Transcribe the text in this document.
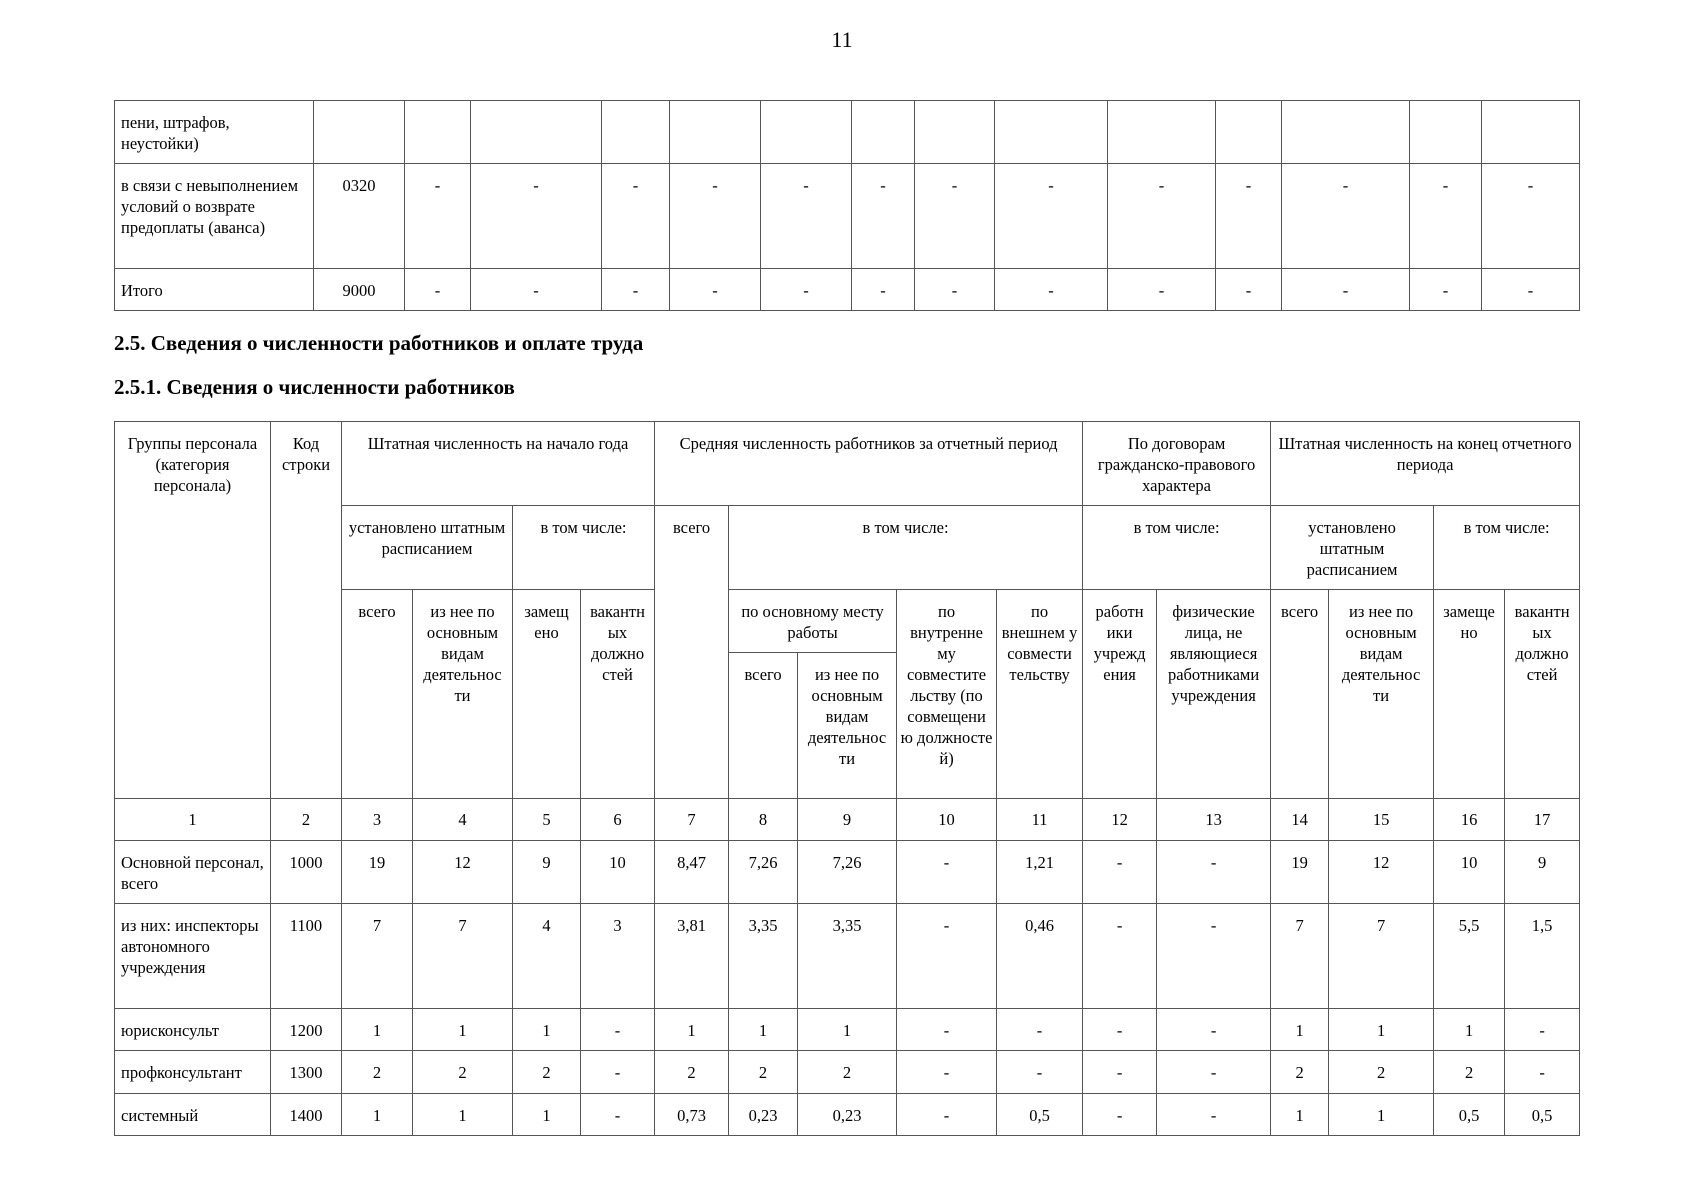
11
пени, штрафов, неустойки)														
в связи с невыполнением условий о возврате предоплаты (аванса)	0320	-	-	-	-	-	-	-	-	-	-	-	-	-
Итого	9000	-	-	-	-	-	-	-	-	-	-	-	-	-
2.5. Сведения о численности работников и оплате труда
2.5.1. Сведения о численности работников
Группы персонала (категория персонала)	Код строки	Штатная численность на начало года				Средняя численность работников за отчетный период					По договорам гражданско-правового характера		Штатная численность на конец отчетного периода			
		установлено штатным расписанием		в том числе:		всего	в том числе:				в том числе:		установлено штатным расписанием		в том числе:	
		всего	из нее по основным видам деятельнос ти	замещ ено	вакантн ых должно стей		по основному месту работы		по внутренне му совместите льству (по совмещени ю должносте й)	по внешнем у совмести тельству	работн ики учрежд ения	физические лица, не являющиеся работниками учреждения	всего	из нее по основным видам деятельнос ти	замеще но	вакантн ых должно стей
							всего	из нее по основным видам деятельнос ти								
1	2	3	4	5	6	7	8	9	10	11	12	13	14	15	16	17
Основной персонал, всего	1000	19	12	9	10	8,47	7,26	7,26	-	1,21	-	-	19	12	10	9
из них: инспекторы автономного учреждения	1100	7	7	4	3	3,81	3,35	3,35	-	0,46	-	-	7	7	5,5	1,5
юрисконсульт	1200	1	1	1	-	1	1	1	-	-	-	-	1	1	1	-
профконсультант	1300	2	2	2	-	2	2	2	-	-	-	-	2	2	2	-
системный	1400	1	1	1	-	0,73	0,23	0,23	-	0,5	-	-	1	1	0,5	0,5
